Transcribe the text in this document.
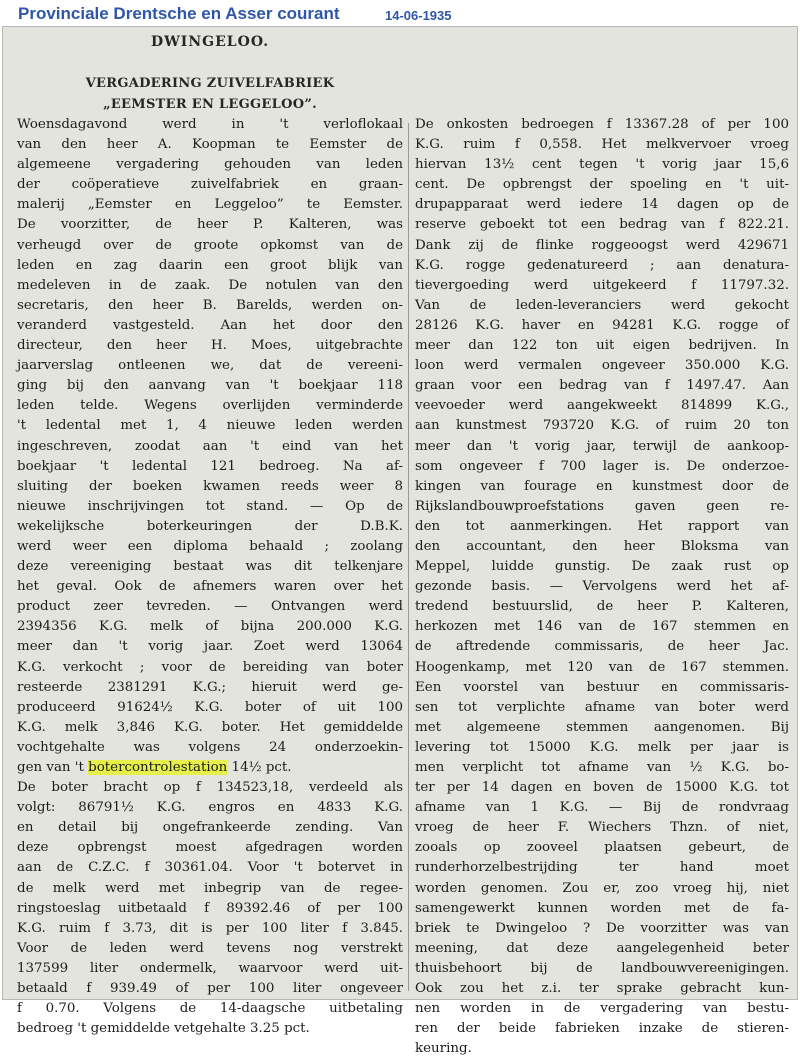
Provinciale Drentsche en Asser courant	14-06-1935
DWINGELOO.
VERGADERING ZUIVELFABRIEK
„EEMSTER EN LEGGELOO”.
Woensdagavond werd in 't verloflokaal
van den heer A. Koopman te Eemster de
algemeene vergadering gehouden van leden
der coöperatieve zuivelfabriek en graan-
malerij „Eemster en Leggeloo” te Eemster.
De voorzitter, de heer P. Kalteren, was
verheugd over de groote opkomst van de
leden en zag daarin een groot blijk van
medeleven in de zaak. De notulen van den
secretaris, den heer B. Barelds, werden on-
veranderd vastgesteld. Aan het door den
directeur, den heer H. Moes, uitgebrachte
jaarverslag ontleenen we, dat de vereeni-
ging bij den aanvang van 't boekjaar 118
leden telde. Wegens overlijden verminderde
't ledental met 1, 4 nieuwe leden werden
ingeschreven, zoodat aan 't eind van het
boekjaar 't ledental 121 bedroeg. Na af-
sluiting der boeken kwamen reeds weer 8
nieuwe inschrijvingen tot stand. — Op de
wekelijksche boterkeuringen der D.B.K.
werd weer een diploma behaald ; zoolang
deze vereeniging bestaat was dit telkenjare
het geval. Ook de afnemers waren over het
product zeer tevreden. — Ontvangen werd
2394356 K.G. melk of bijna 200.000 K.G.
meer dan 't vorig jaar. Zoet werd 13064
K.G. verkocht ; voor de bereiding van boter
resteerde 2381291 K.G.; hieruit werd ge-
produceerd 91624½ K.G. boter of uit 100
K.G. melk 3,846 K.G. boter. Het gemiddelde
vochtgehalte was volgens 24 onderzoekin-
gen van 't botercontrolestation 14½ pct.
De boter bracht op f 134523,18, verdeeld als
volgt: 86791½ K.G. engros en 4833 K.G.
en detail bij ongefrankeerde zending. Van
deze opbrengst moest afgedragen worden
aan de C.Z.C. f 30361.04. Voor 't botervet in
de melk werd met inbegrip van de regee-
ringstoeslag uitbetaald f 89392.46 of per 100
K.G. ruim f 3.73, dit is per 100 liter f 3.845.
Voor de leden werd tevens nog verstrekt
137599 liter ondermelk, waarvoor werd uit-
betaald f 939.49 of per 100 liter ongeveer
f 0.70. Volgens de 14-daagsche uitbetaling
bedroeg 't gemiddelde vetgehalte 3.25 pct.
De onkosten bedroegen f 13367.28 of per 100
K.G. ruim f 0,558. Het melkvervoer vroeg
hiervan 13½ cent tegen 't vorig jaar 15,6
cent. De opbrengst der spoeling en 't uit-
drupapparaat werd iedere 14 dagen op de
reserve geboekt tot een bedrag van f 822.21.
Dank zij de flinke roggeoogst werd 429671
K.G. rogge gedenatureerd ; aan denatura-
tievergoeding werd uitgekeerd f 11797.32.
Van de leden-leveranciers werd gekocht
28126 K.G. haver en 94281 K.G. rogge of
meer dan 122 ton uit eigen bedrijven. In
loon werd vermalen ongeveer 350.000 K.G.
graan voor een bedrag van f 1497.47. Aan
veevoeder werd aangekweekt 814899 K.G.,
aan kunstmest 793720 K.G. of ruim 20 ton
meer dan 't vorig jaar, terwijl de aankoop-
som ongeveer f 700 lager is. De onderzoe-
kingen van fourage en kunstmest door de
Rijkslandbouwproefstations gaven geen re-
den tot aanmerkingen. Het rapport van
den accountant, den heer Bloksma van
Meppel, luidde gunstig. De zaak rust op
gezonde basis. — Vervolgens werd het af-
tredend bestuurslid, de heer P. Kalteren,
herkozen met 146 van de 167 stemmen en
de aftredende commissaris, de heer Jac.
Hoogenkamp, met 120 van de 167 stemmen.
Een voorstel van bestuur en commissaris-
sen tot verplichte afname van boter werd
met algemeene stemmen aangenomen. Bij
levering tot 15000 K.G. melk per jaar is
men verplicht tot afname van ½ K.G. bo-
ter per 14 dagen en boven de 15000 K.G. tot
afname van 1 K.G. — Bij de rondvraag
vroeg de heer F. Wiechers Thzn. of niet,
zooals op zooveel plaatsen gebeurt, de
runderhorzelbestrijding ter hand moet
worden genomen. Zou er, zoo vroeg hij, niet
samengewerkt kunnen worden met de fa-
briek te Dwingeloo ? De voorzitter was van
meening, dat deze aangelegenheid beter
thuisbehoort bij de landbouwvereenigingen.
Ook zou het z.i. ter sprake gebracht kun-
nen worden in de vergadering van bestu-
ren der beide fabrieken inzake de stieren-
keuring.
